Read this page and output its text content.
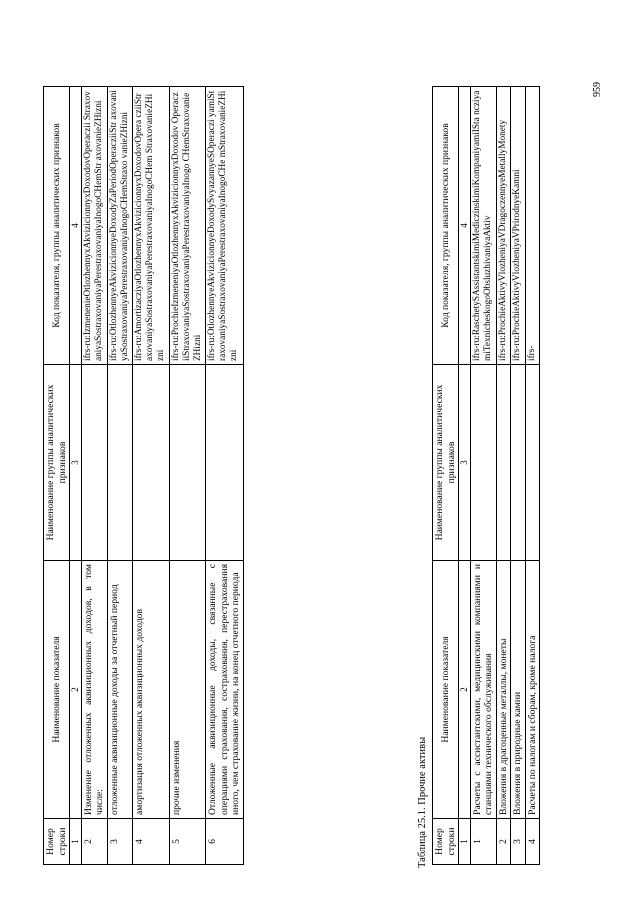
Номер строки	Наименование показателя	Наименование группы аналитических признаков	Код показателя, группы аналитических признаков
1	2	3	4
2	Изменение отложенных аквизиционных доходов, в том числе:		ifrs-ru:IzmenenieOtlozhennyxAkvizicionnyxDoxodovOperaczii StraxovaniyaSostraxovaniyaPerestraxovaniyaInogoCHemStr axovanieZHizni
3	отложенные аквизиционные доходы за отчетный период		ifrs-ru:OtlozhennyeAkvizicionnyeDoxodyZaPeriodOperacziiStr axovaniyaSostraxovaniyaPerestraxovaniyaInogoCHemStraxo vanieZHizni
4	амортизация отложенных аквизиционных доходов		ifrs-ru:AmortizacziyaOtlozhennyxAkvizicionnyxDoxodovOpera cziiStraxovaniyaSostraxovaniyaPerestraxovaniyaInogoCHem StraxovanieZHizni
5	прочие изменения		ifrs-ru:ProchieIzmeneniyaOtlozhennyxAkvizicionnyxDoxodov OperacziiStraxovaniyaSostraxovaniyaPerestraxovaniyaInogo CHemStraxovanieZHizni
6	Отложенные аквизиционные доходы, связанные с операциями страхования, сострахования, перестрахования иного, чем страхование жизни, на конец отчетного периода		ifrs-ru:OtlozhennyeAkvizicionnyeDoxodySvyazannyeSOperaczi yamiStraxovaniyaSostraxovaniyaPerestraxovaniyaInogoCHe mStraxovanieZHizni
Таблица 25.1. Прочие активы Номер строки	Наименование показателя	Наименование группы аналитических признаков	Код показателя, группы аналитических признаков
1	2	3	4
1	Расчеты с ассистантскими, медицинскими компаниями и станциями технического обслуживания		ifrs-ru:RaschetySAssistantskimiMediczinskimiKompaniyamiISta ncziyamiTexnicheskogoObsluzhivaniyaAktiv
2	Вложения в драгоценные металлы, монеты		ifrs-ru:ProchieAktivyVlozheniyaVDragoczennyeMetallyMonety
3	Вложения в природные камни		ifrs-ru:ProchieAktivyVlozheniyaVPrirodnyeKamni
4	Расчеты по налогам и сборам, кроме налога		ifrs-
959
